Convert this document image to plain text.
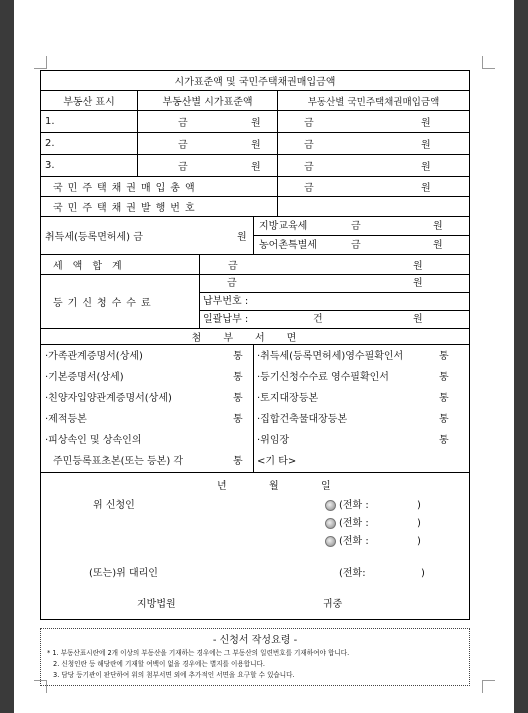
시가표준액 및 국민주택채권매입금액
부동산 표시	부동산별 시가표준액	부동산별 국민주택채권매입금액
1.	금	원	금	원
2.	금	원	금	원
3.	금	원	금	원
국민주택채권매입총액	금	원
국민주택채권발행번호
취득세(등록면허세) 금	원
지방교육세	금	원
농어촌특별세	금	원
세액합계	금	원
등기신청수수료
금	원
납부번호 :
일괄납부 :	건	원
첨부서면
·가족관계증명서(상세)	통
·기본증명서(상세)	통
·친양자입양관계증명서(상세)	통
·제적등본	통
·피상속인 및 상속인의
주민등록표초본(또는 등본) 각	통
·취득세(등록면허세)영수필확인서	통
·등기신청수수료 영수필확인서	통
·토지대장등본	통
·집합건축물대장등본	통
·위임장	통
<기 타>
년	월	일
위 신청인	(전화 :	)
(전화 :	)
(전화 :	)
(또는)위 대리인	(전화:	)
지방법원	귀중
- 신청서 작성요령 -
* 1. 부동산표시란에 2개 이상의 부동산을 기재하는 경우에는 그 부동산의 일련번호를 기재하여야 합니다.
2. 신청인란 등 해당란에 기재할 여백이 없을 경우에는 별지를 이용합니다.
3. 담당 등기관이 판단하여 위의 첨부서면 외에 추가적인 서면을 요구할 수 있습니다.
